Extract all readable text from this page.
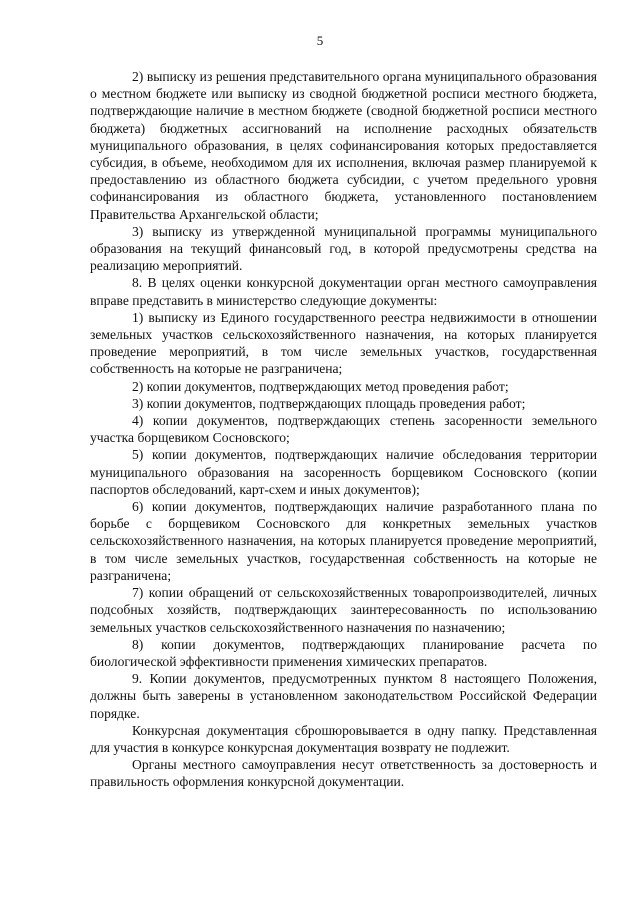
5

2) выписку из решения представительного органа муниципального образования о местном бюджете или выписку из сводной бюджетной росписи местного бюджета, подтверждающие наличие в местном бюджете (сводной бюджетной росписи местного бюджета) бюджетных ассигнований на исполнение расходных обязательств муниципального образования, в целях софинансирования которых предоставляется субсидия, в объеме, необходимом для их исполнения, включая размер планируемой к предоставлению из областного бюджета субсидии, с учетом предельного уровня софинансирования из областного бюджета, установленного постановлением Правительства Архангельской области;

3) выписку из утвержденной муниципальной программы муниципального образования на текущий финансовый год, в которой предусмотрены средства на реализацию мероприятий.

8. В целях оценки конкурсной документации орган местного самоуправления вправе представить в министерство следующие документы:

1) выписку из Единого государственного реестра недвижимости в отношении земельных участков сельскохозяйственного назначения, на которых планируется проведение мероприятий, в том числе земельных участков, государственная собственность на которые не разграничена;

2) копии документов, подтверждающих метод проведения работ;

3) копии документов, подтверждающих площадь проведения работ;

4) копии документов, подтверждающих степень засоренности земельного участка борщевиком Сосновского;

5) копии документов, подтверждающих наличие обследования территории муниципального образования на засоренность борщевиком Сосновского (копии паспортов обследований, карт-схем и иных документов);

6) копии документов, подтверждающих наличие разработанного плана по борьбе с борщевиком Сосновского для конкретных земельных участков сельскохозяйственного назначения, на которых планируется проведение мероприятий, в том числе земельных участков, государственная собственность на которые не разграничена;

7) копии обращений от сельскохозяйственных товаропроизводителей, личных подсобных хозяйств, подтверждающих заинтересованность по использованию земельных участков сельскохозяйственного назначения по назначению;

8) копии документов, подтверждающих планирование расчета по биологической эффективности применения химических препаратов.

9. Копии документов, предусмотренных пунктом 8 настоящего Положения, должны быть заверены в установленном законодательством Российской Федерации порядке.

Конкурсная документация сброшюровывается в одну папку. Представленная для участия в конкурсе конкурсная документация возврату не подлежит.

Органы местного самоуправления несут ответственность за достоверность и правильность оформления конкурсной документации.
